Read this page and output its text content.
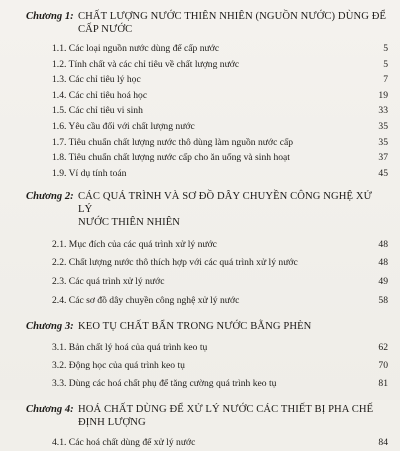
Chương 1: CHẤT LƯỢNG NƯỚC THIÊN NHIÊN (NGUỒN NƯỚC) DÙNG ĐỂ
CẤP NƯỚC
1.1. Các loại nguồn nước dùng để cấp nước	5
1.2. Tính chất và các chỉ tiêu về chất lượng nước	5
1.3. Các chỉ tiêu lý học	7
1.4. Các chỉ tiêu hoá học	19
1.5. Các chỉ tiêu vi sinh	33
1.6. Yêu cầu đối với chất lượng nước	35
1.7. Tiêu chuẩn chất lượng nước thô dùng làm nguồn nước cấp	35
1.8. Tiêu chuẩn chất lượng nước cấp cho ăn uống và sinh hoạt	37
1.9. Ví dụ tính toán	45
Chương 2: CÁC QUÁ TRÌNH VÀ SƠ ĐỒ DÂY CHUYỀN CÔNG NGHỆ XỬ LÝ
NƯỚC THIÊN NHIÊN
2.1. Mục đích của các quá trình xử lý nước	48
2.2. Chất lượng nước thô thích hợp với các quá trình xử lý nước	48
2.3. Các quá trình xử lý nước	49
2.4. Các sơ đồ dây chuyền công nghệ xử lý nước	58
Chương 3: KEO TỤ CHẤT BẨN TRONG NƯỚC BẰNG PHÈN
3.1. Bản chất lý hoá của quá trình keo tụ	62
3.2. Động học của quá trình keo tụ	70
3.3. Dùng các hoá chất phụ để tăng cường quá trình keo tụ	81
Chương 4: HOÁ CHẤT DÙNG ĐỂ XỬ LÝ NƯỚC CÁC THIẾT BỊ PHA CHẾ
ĐỊNH LƯỢNG
4.1. Các hoá chất dùng để xử lý nước	84
